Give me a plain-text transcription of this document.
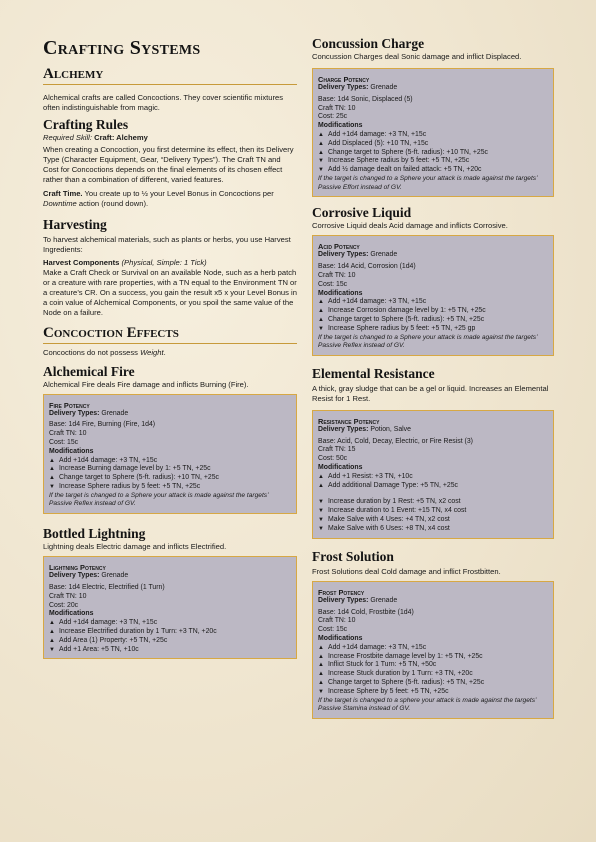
Crafting Systems
Alchemy

Alchemical crafts are called Concoctions. They cover scientific mixtures often indistinguishable from magic.

Crafting Rules
Required Skill: Craft: Alchemy

When creating a Concoction, you first determine its effect, then its Delivery Type (Character Equipment, Gear, “Delivery Types”). The Craft TN and Cost for Concoctions depends on the final elements of its chosen effect rather than a combination of different, varied features.

Craft Time. You create up to ½ your Level Bonus in Concoctions per Downtime action (round down).

Harvesting

To harvest alchemical materials, such as plants or herbs, you use Harvest Ingredients:

Harvest Components (Physical, Simple: 1 Tick)

Make a Craft Check or Survival on an available Node, such as a herb patch or a creature with rare properties, with a TN equal to the Environment TN or a creature’s CR. On a success, you gain the result x5 x your Level Bonus in a coin value of Alchemical Components, or you spoil the same value of the Node on a failure.

Concoction Effects

Concoctions do not possess Weight.

Alchemical Fire

Alchemical Fire deals Fire damage and inflicts Burning (Fire).

Fire Potency
Delivery Types: Grenade
Base: 1d4 Fire, Burning (Fire, 1d4)
Craft TN: 10
Cost: 15c
Modifications
▲ Add +1d4 damage: +3 TN, +15c
▲ Increase Burning damage level by 1: +5 TN, +25c
▲ Change target to Sphere (5-ft. radius): +10 TN, +25c
▼ Increase Sphere radius by 5 feet: +5 TN, +25c
If the target is changed to a Sphere your attack is made against the targets’ Passive Reflex instead of GV.
Bottled Lightning

Lightning deals Electric damage and inflicts Electrified.

Lightning Potency
Delivery Types: Grenade
Base: 1d4 Electric, Electrified (1 Turn)
Craft TN: 10
Cost: 20c
Modifications
▲ Add +1d4 damage: +3 TN, +15c
▲ Increase Electrified duration by 1 Turn: +3 TN, +20c
▲ Add Area (1) Property: +5 TN, +25c
▼ Add +1 Area: +5 TN, +10c
Concussion Charge

Concussion Charges deal Sonic damage and inflict Displaced.

Charge Potency
Delivery Types: Grenade
Base: 1d4 Sonic, Displaced (5)
Craft TN: 10
Cost: 25c
Modifications
▲ Add +1d4 damage: +3 TN, +15c
▲ Add Displaced (5): +10 TN, +15c
▲ Change target to Sphere (5-ft. radius): +10 TN, +25c
▼ Increase Sphere radius by 5 feet: +5 TN, +25c
▼ Add ½ damage dealt on failed attack: +5 TN, +20c
If the target is changed to a Sphere your attack is made against the targets’ Passive Effort instead of GV.
Corrosive Liquid

Corrosive Liquid deals Acid damage and inflicts Corrosive.

Acid Potency
Delivery Types: Grenade
Base: 1d4 Acid, Corrosion (1d4)
Craft TN: 10
Cost: 15c
Modifications
▲ Add +1d4 damage: +3 TN, +15c
▲ Increase Corrosion damage level by 1: +5 TN, +25c
▲ Change target to Sphere (5-ft. radius): +5 TN, +25c
▼ Increase Sphere radius by 5 feet: +5 TN, +25 gp
If the target is changed to a Sphere your attack is made against the targets’ Passive Reflex instead of GV.
Elemental Resistance

A thick, gray sludge that can be a gel or liquid. Increases an Elemental Resist for 1 Rest.

Resistance Potency
Delivery Types: Potion, Salve
Base: Acid, Cold, Decay, Electric, or Fire Resist (3)
Craft TN: 15
Cost: 50c
Modifications
▲ Add +1 Resist: +3 TN, +10c
▲ Add additional Damage Type: +5 TN, +25c
▼ Increase duration by 1 Rest: +5 TN, x2 cost
▼ Increase duration to 1 Event: +15 TN, x4 cost
▼ Make Salve with 4 Uses: +4 TN, x2 cost
▼ Make Salve with 6 Uses: +8 TN, x4 cost
Frost Solution

Frost Solutions deal Cold damage and inflict Frostbitten.

Frost Potency
Delivery Types: Grenade
Base: 1d4 Cold, Frostbite (1d4)
Craft TN: 10
Cost: 15c
Modifications
▲ Add +1d4 damage: +3 TN, +15c
▲ Increase Frostbite damage level by 1: +5 TN, +25c
▲ Inflict Stuck for 1 Turn: +5 TN, +50c
▲ Increase Stuck duration by 1 Turn: +3 TN, +20c
▲ Change target to Sphere (5-ft. radius): +5 TN, +25c
▼ Increase Sphere by 5 feet: +5 TN, +25c
If the target is changed to a sphere your attack is made against the targets’ Passive Stamina instead of GV.
